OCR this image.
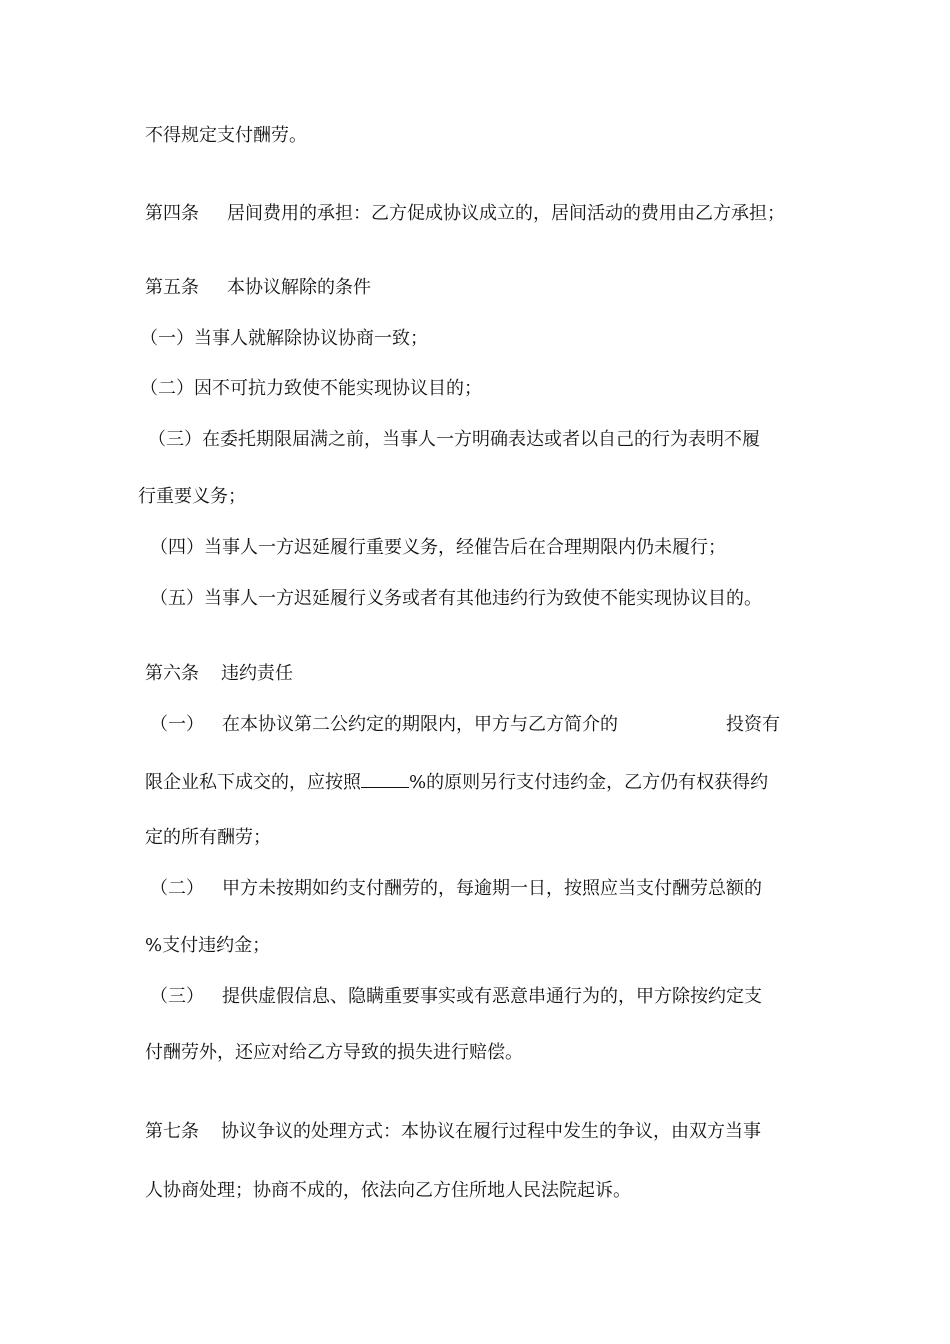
不得规定支付酬劳。

第四条 居间费用的承担：乙方促成协议成立的，居间活动的费用由乙方承担；

第五条 本协议解除的条件

（一）当事人就解除协议协商一致；

（二）因不可抗力致使不能实现协议目的；

（三）在委托期限届满之前，当事人一方明确表达或者以自己的行为表明不履

行重要义务；

（四）当事人一方迟延履行重要义务，经催告后在合理期限内仍未履行；

（五）当事人一方迟延履行义务或者有其他违约行为致使不能实现协议目的。

第六条 违约责任

（一） 在本协议第二公约定的期限内，甲方与乙方简介的	投资有

限企业私下成交的，应按照	%的原则另行支付违约金，乙方仍有权获得约

定的所有酬劳；

（二） 甲方未按期如约支付酬劳的，每逾期一日，按照应当支付酬劳总额的

%支付违约金；

（三） 提供虚假信息、隐瞒重要事实或有恶意串通行为的，甲方除按约定支

付酬劳外，还应对给乙方导致的损失进行赔偿。

第七条 协议争议的处理方式：本协议在履行过程中发生的争议，由双方当事

人协商处理；协商不成的，依法向乙方住所地人民法院起诉。
